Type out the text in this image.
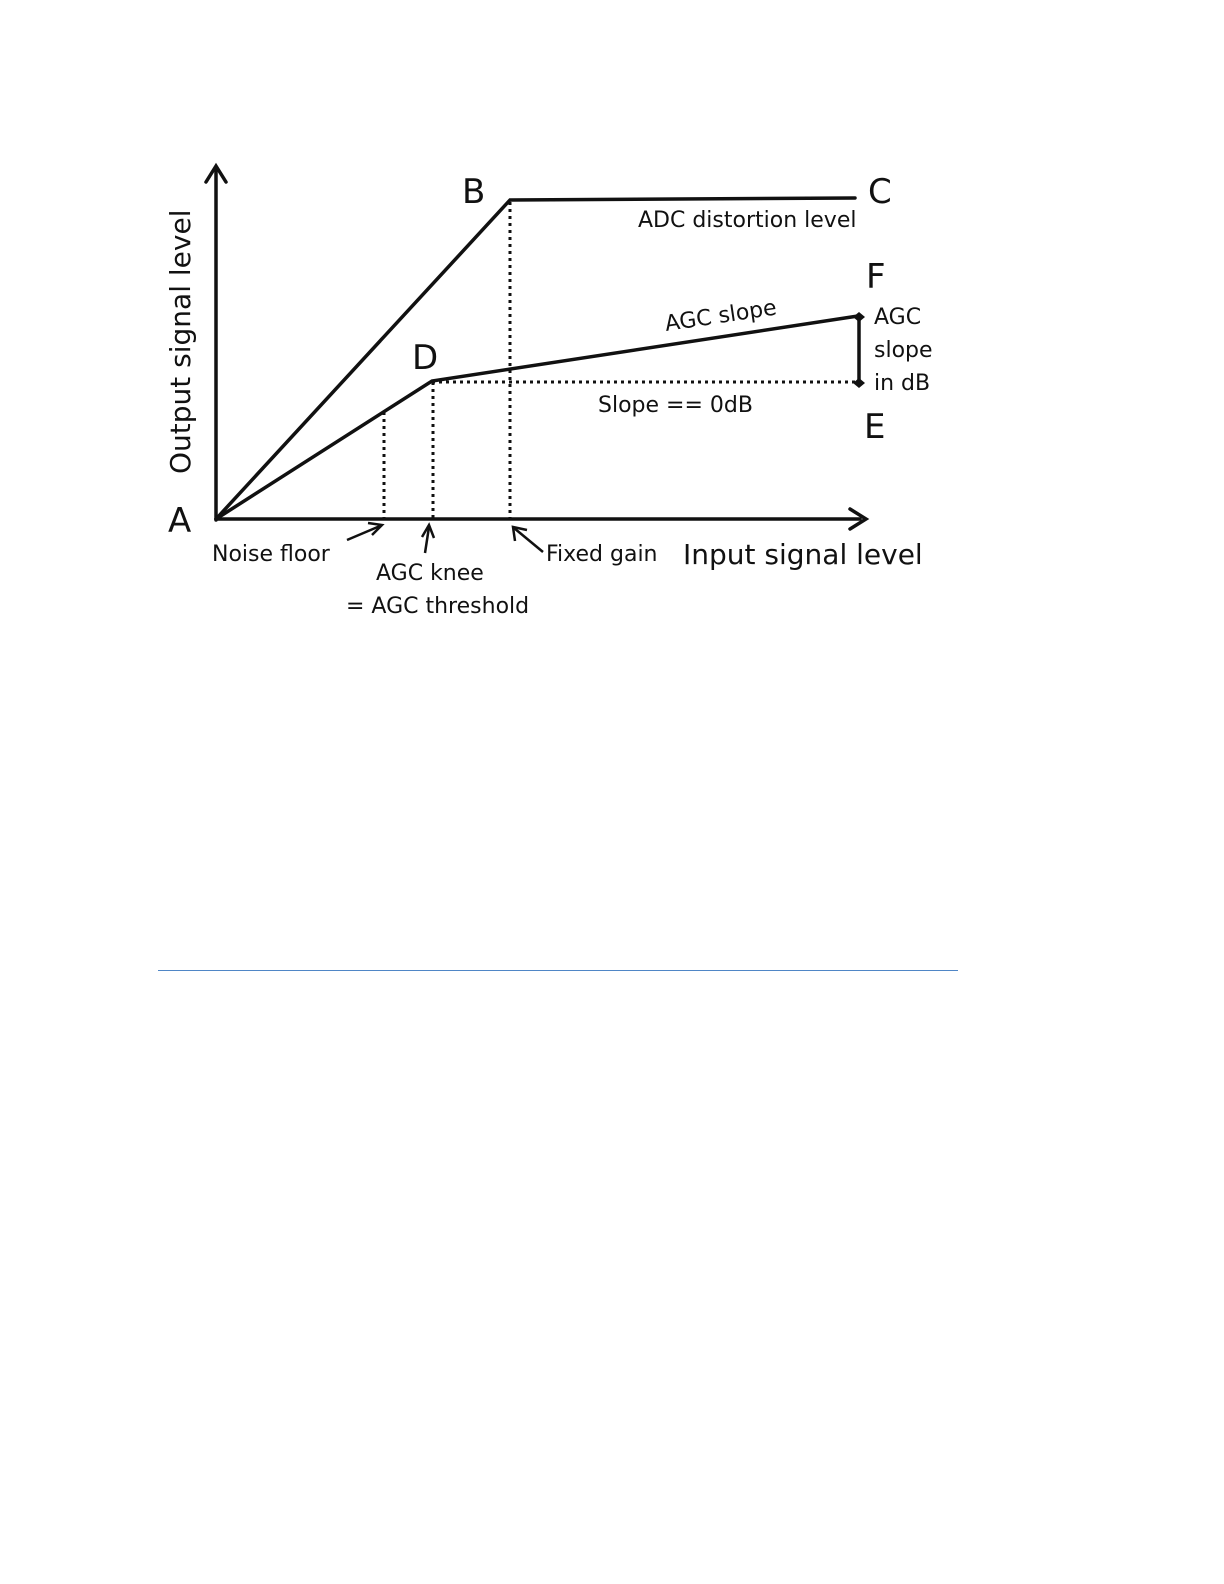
A
B	C
D
E
F
ADC distortion level
AGC slope
Slope == 0dB
AGC
slope
in dB
Noise floor
AGC knee
= AGC threshold
Fixed gain Input signal level
Output signal level
